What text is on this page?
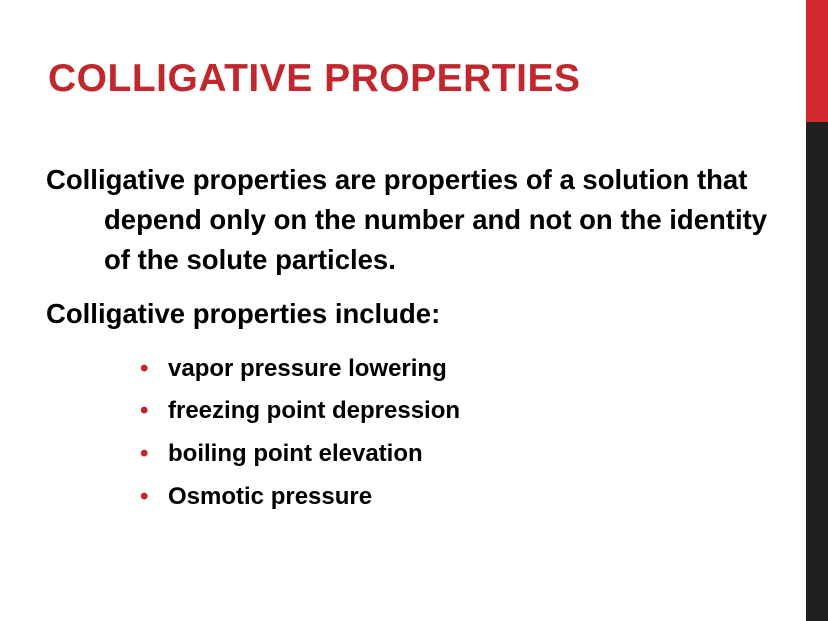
COLLIGATIVE PROPERTIES

Colligative properties are properties of a solution that depend only on the number and not on the identity of the solute particles.

Colligative properties include:

• vapor pressure lowering
• freezing point depression
• boiling point elevation
• Osmotic pressure
